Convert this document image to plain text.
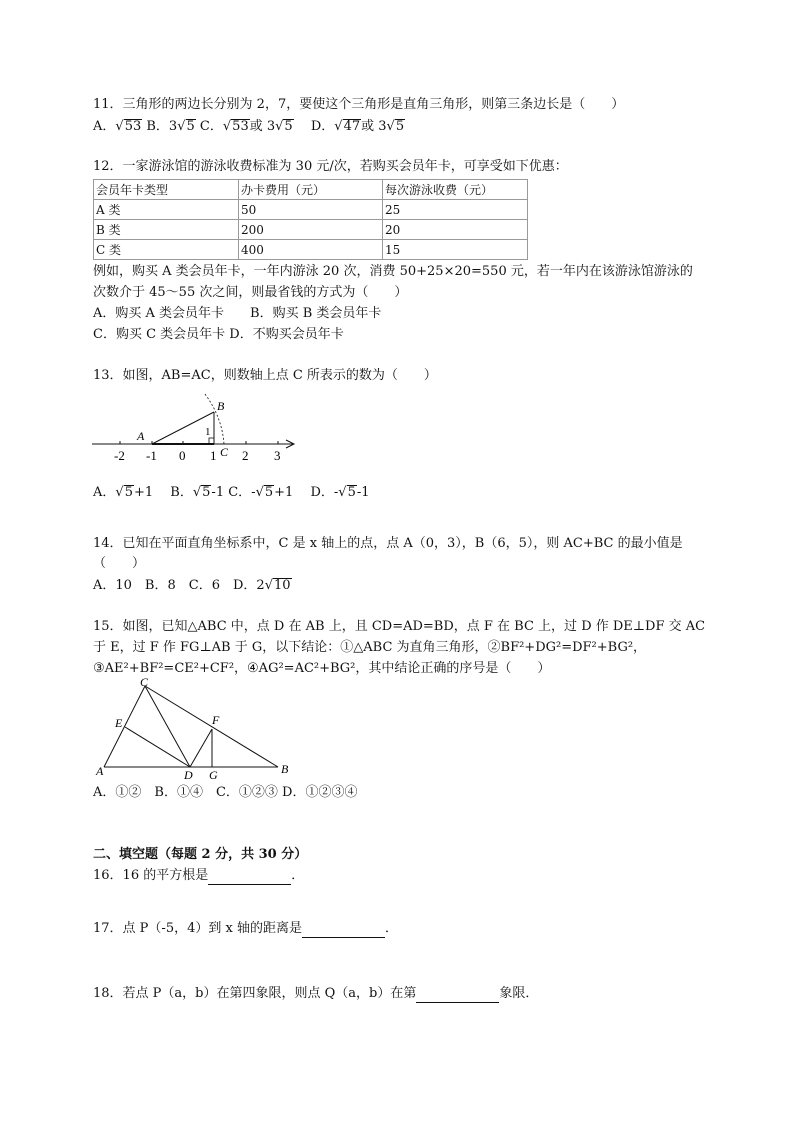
11．三角形的两边长分别为 2，7，要使这个三角形是直角三角形，则第三条边长是（　　）
A．√53 B．3√5 C．√53或 3√5 　 D．√47或 3√5
12．一家游泳馆的游泳收费标准为 30 元/次，若购买会员年卡，可享受如下优惠：
会员年卡类型	办卡费用（元）	每次游泳收费（元）
A 类	50	25
B 类	200	20
C 类	400	15
例如，购买 A 类会员年卡，一年内游泳 20 次，消费 50+25×20=550 元，若一年内在该游泳馆游泳的
次数介于 45～55 次之间，则最省钱的方式为（　　）
A．购买 A 类会员年卡　　B．购买 B 类会员年卡
C．购买 C 类会员年卡 D．不购买会员年卡
13．如图，AB=AC，则数轴上点 C 所表示的数为（　　）
-2 -1 0 1 2 3
B
A
C
1
A．√5+1 　 B．√5-1 C．-√5+1 　 D．-√5-1
14．已知在平面直角坐标系中，C 是 x 轴上的点，点 A（0，3），B（6，5），则 AC+BC 的最小值是
（　　）
A．10　B．8　C．6　D．2√10
15．如图，已知△ABC 中，点 D 在 AB 上，且 CD=AD=BD，点 F 在 BC 上，过 D 作 DE⊥DF 交 AC
于 E，过 F 作 FG⊥AB 于 G，以下结论：①△ABC 为直角三角形，②BF²+DG²=DF²+BG²，
③AE²+BF²=CE²+CF²，④AG²=AC²+BG²，其中结论正确的序号是（　　）
A	B
C
D
E	F
G
A．①②　B．①④　C．①②③ D．①②③④
二、填空题（每题 2 分，共 30 分）
16．16 的平方根是	．
17．点 P（-5，4）到 x 轴的距离是	．
18．若点 P（a，b）在第四象限，则点 Q（a，b）在第	象限．
